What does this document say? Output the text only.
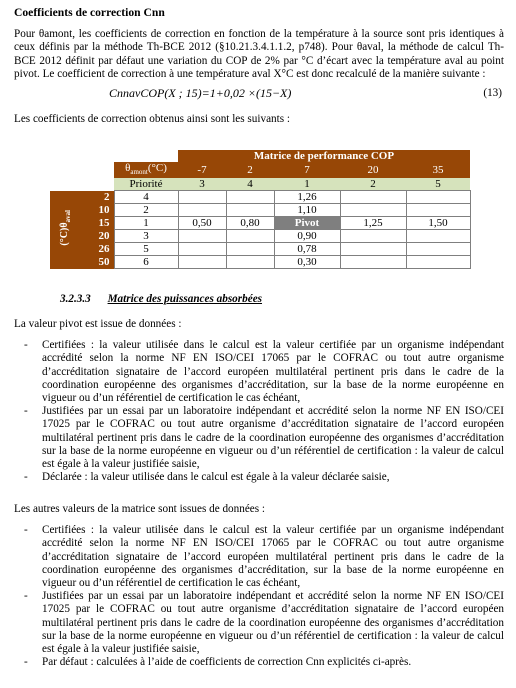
Coefficients de correction Cnn

Pour θamont, les coefficients de correction en fonction de la température à la source sont pris identiques à ceux définis par la méthode Th-BCE 2012 (§10.21.3.4.1.1.2, p748). Pour θaval, la méthode de calcul Th-BCE 2012 définit par défaut une variation du COP de 2% par °C d’écart avec la température aval au point pivot. Le coefficient de correction à une température aval X°C est donc recalculé de la manière suivante :

CnnavCOP(X ; 15)=1+0,02 ×(15−X)	(13)

Les coefficients de correction obtenus ainsi sont les suivants :

			Matrice de performance COP				
		$\theta_{amont}(^\circ C)$	-7	2	7	20	35
		Priorité	3	4	1	2	5
$(^\circ C)\theta_{aval}$	2	4			1,26		
	10	2			1,10		
	15	1	0,50	0,80	Pivot	1,25	1,50
	20	3			0,90		
	26	5			0,78		
	50	6			0,30		
3.2.3.3 Matrice des puissances absorbées

La valeur pivot est issue de données :

- Certifiées : la valeur utilisée dans le calcul est la valeur certifiée par un organisme indépendant accrédité selon la norme NF EN ISO/CEI 17065 par le COFRAC ou tout autre organisme d’accréditation signataire de l’accord européen multilatéral pertinent pris dans le cadre de la coordination européenne des organismes d’accréditation, sur la base de la norme européenne en vigueur ou d’un référentiel de certification le cas échéant,
- Justifiées par un essai par un laboratoire indépendant et accrédité selon la norme NF EN ISO/CEI 17025 par le COFRAC ou tout autre organisme d’accréditation signataire de l’accord européen multilatéral pertinent pris dans le cadre de la coordination européenne des organismes d’accréditation sur la base de la norme européenne en vigueur ou d’un référentiel de certification : la valeur de calcul est égale à la valeur justifiée saisie,
- Déclarée : la valeur utilisée dans le calcul est égale à la valeur déclarée saisie,

Les autres valeurs de la matrice sont issues de données :

- Certifiées : la valeur utilisée dans le calcul est la valeur certifiée par un organisme indépendant accrédité selon la norme NF EN ISO/CEI 17065 par le COFRAC ou tout autre organisme d’accréditation signataire de l’accord européen multilatéral pertinent pris dans le cadre de la coordination européenne des organismes d’accréditation, sur la base de la norme européenne en vigueur ou d’un référentiel de certification le cas échéant,
- Justifiées par un essai par un laboratoire indépendant et accrédité selon la norme NF EN ISO/CEI 17025 par le COFRAC ou tout autre organisme d’accréditation signataire de l’accord européen multilatéral pertinent pris dans le cadre de la coordination européenne des organismes d’accréditation sur la base de la norme européenne en vigueur ou d’un référentiel de certification : la valeur de calcul est égale à la valeur justifiée saisie,
- Par défaut : calculées à l’aide de coefficients de correction Cnn explicités ci-après.
